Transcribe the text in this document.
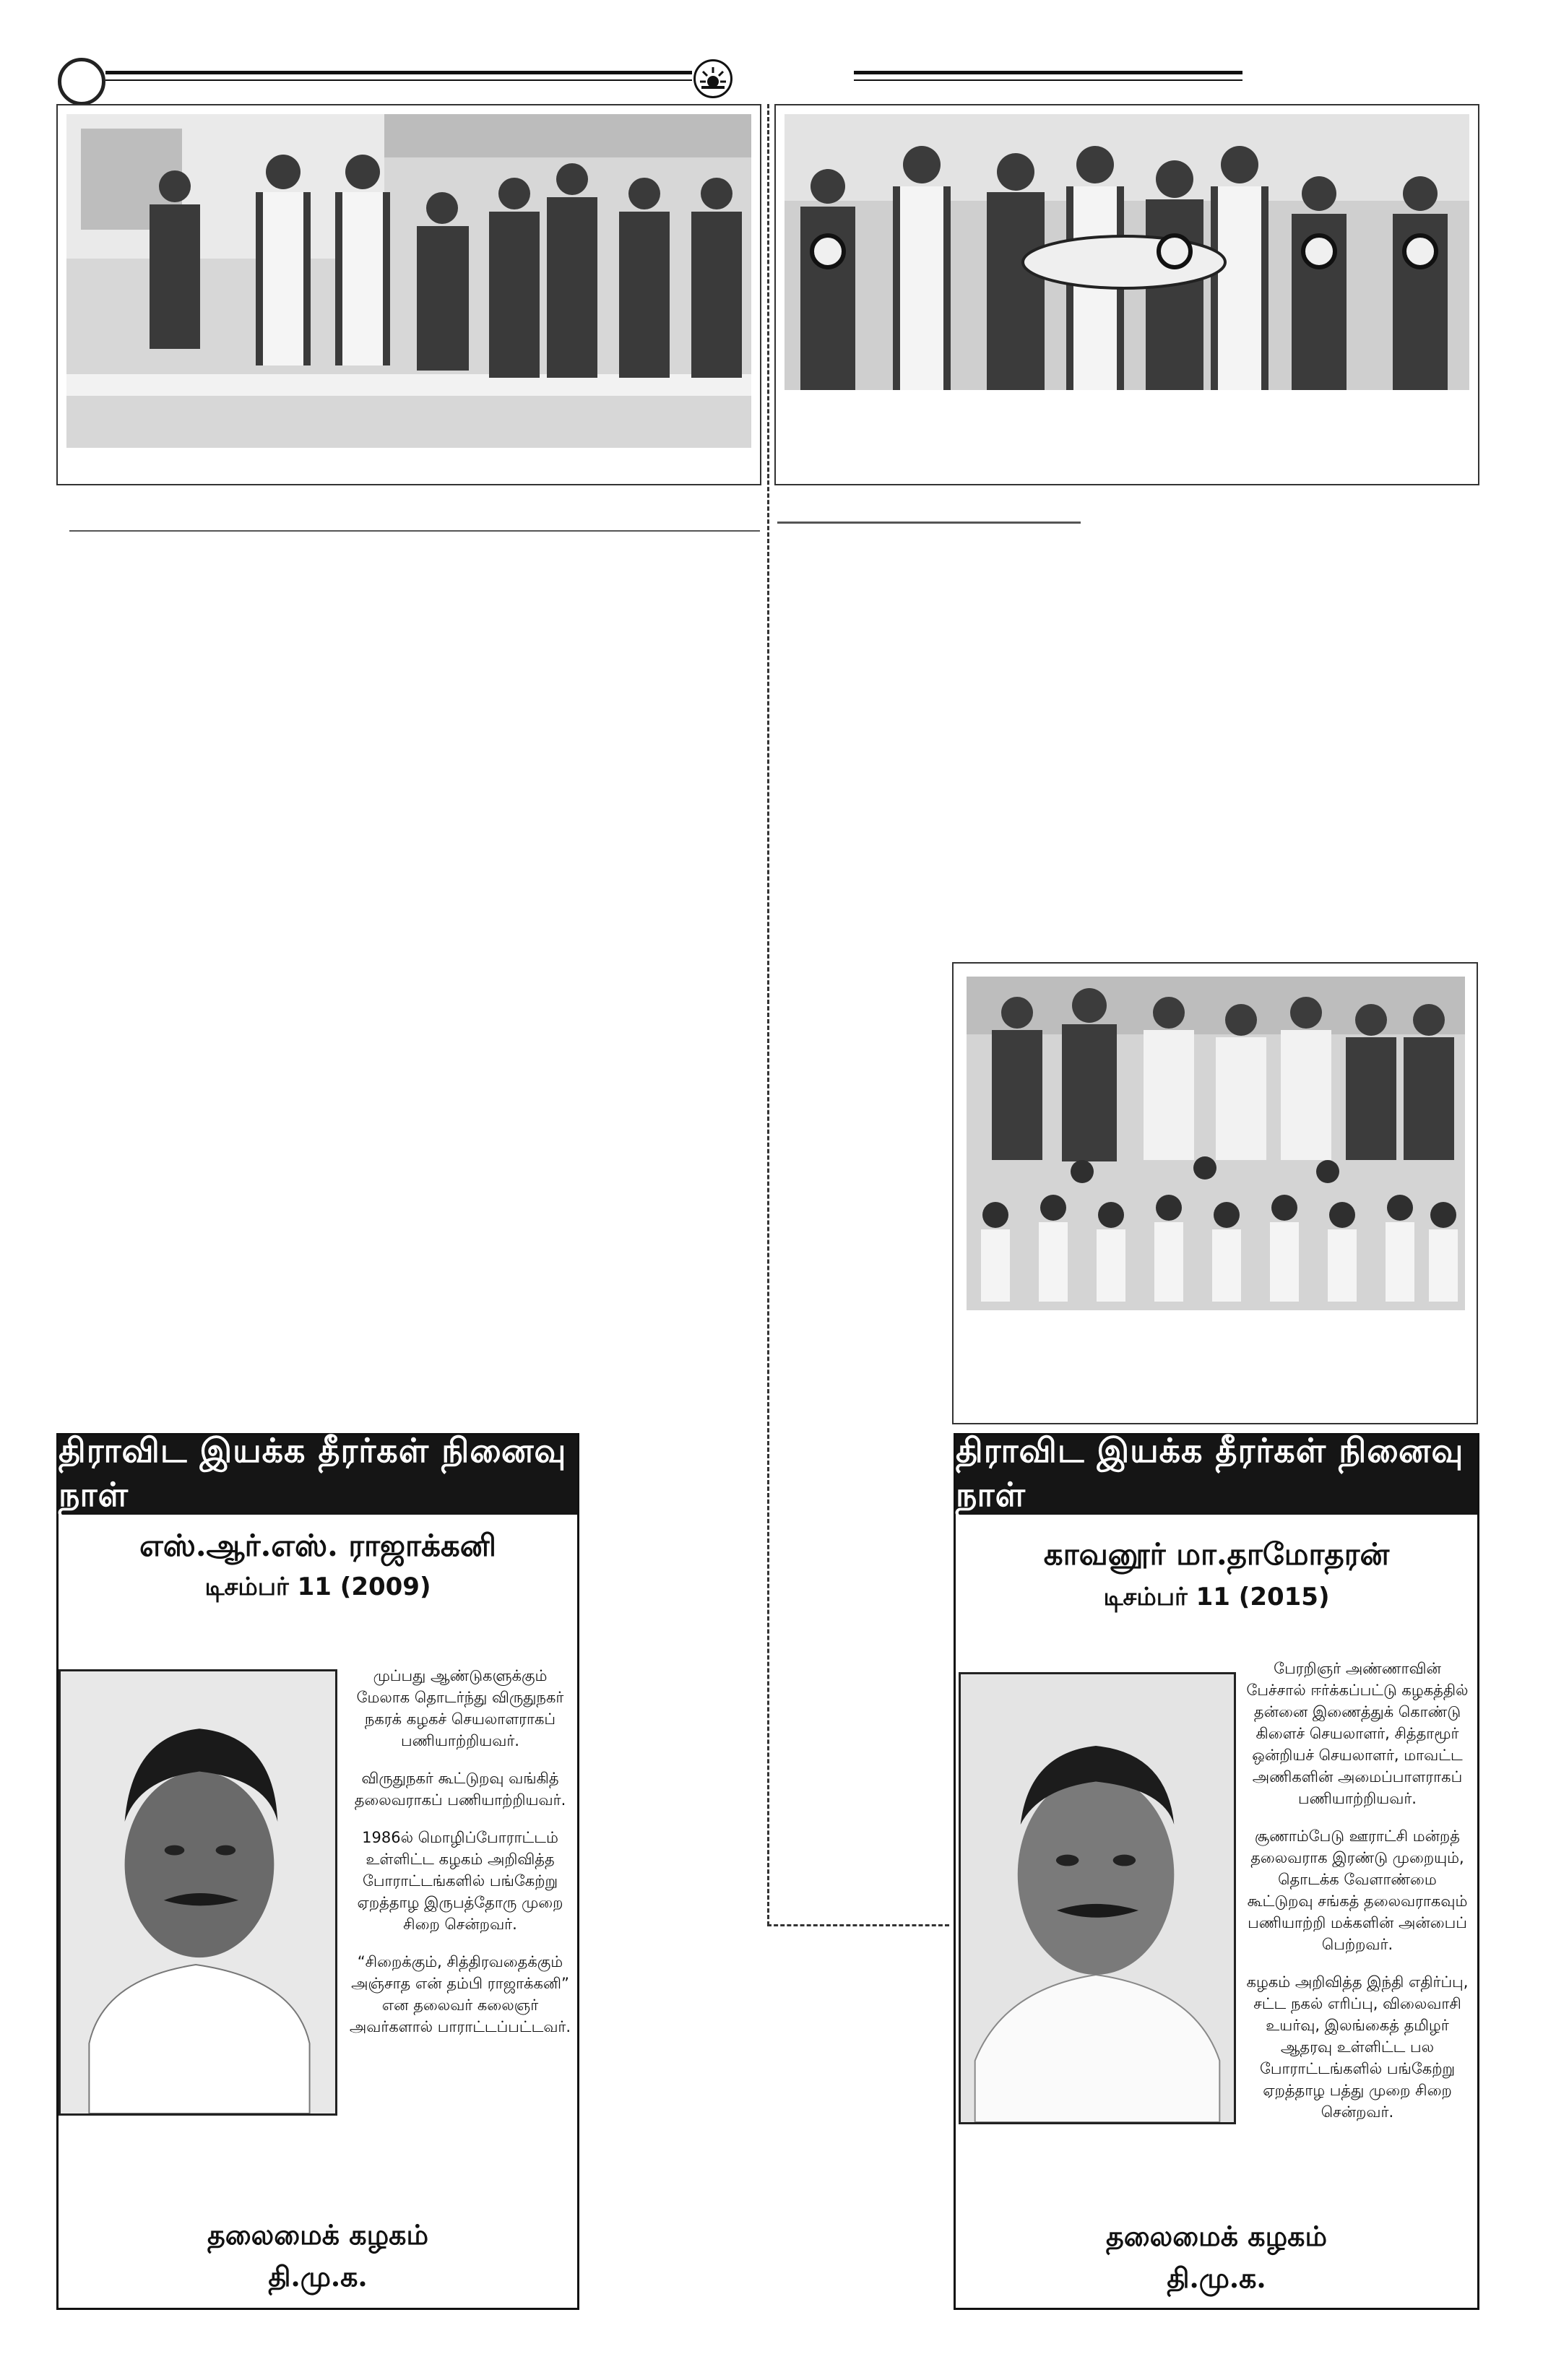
திராவிட இயக்க தீரர்கள் நினைவு நாள்
எஸ்.ஆர்.எஸ். ராஜாக்கனி
டிசம்பர் 11 (2009)

முப்பது ஆண்டுகளுக்கும் மேலாக தொடர்ந்து விருதுநகர் நகரக் கழகச் செயலாளராகப் பணியாற்றியவர்.

விருதுநகர் கூட்டுறவு வங்கித் தலைவராகப் பணியாற்றியவர்.

1986ல் மொழிப்போராட்டம் உள்ளிட்ட கழகம் அறிவித்த போராட்டங்களில் பங்கேற்று ஏறத்தாழ இருபத்தோரு முறை சிறை சென்றவர்.

“சிறைக்கும், சித்திரவதைக்கும் அஞ்சாத என் தம்பி ராஜாக்கனி” என தலைவர் கலைஞர் அவர்களால் பாராட்டப்பட்டவர்.

தலைமைக் கழகம்
தி.மு.க.
திராவிட இயக்க தீரர்கள் நினைவு நாள்
காவனூர் மா.தாமோதரன்
டிசம்பர் 11 (2015)

பேரறிஞர் அண்ணாவின் பேச்சால் ஈர்க்கப்பட்டு கழகத்தில் தன்னை இணைத்துக் கொண்டு கிளைச் செயலாளர், சித்தாமூர் ஒன்றியச் செயலாளர், மாவட்ட அணிகளின் அமைப்பாளராகப் பணியாற்றியவர்.

சூணாம்பேடு ஊராட்சி மன்றத் தலைவராக இரண்டு முறையும், தொடக்க வேளாண்மை கூட்டுறவு சங்கத் தலைவராகவும் பணியாற்றி மக்களின் அன்பைப் பெற்றவர்.

கழகம் அறிவித்த இந்தி எதிர்ப்பு, சட்ட நகல் எரிப்பு, விலைவாசி உயர்வு, இலங்கைத் தமிழர் ஆதரவு உள்ளிட்ட பல போராட்டங்களில் பங்கேற்று ஏறத்தாழ பத்து முறை சிறை சென்றவர்.

தலைமைக் கழகம்
தி.மு.க.
